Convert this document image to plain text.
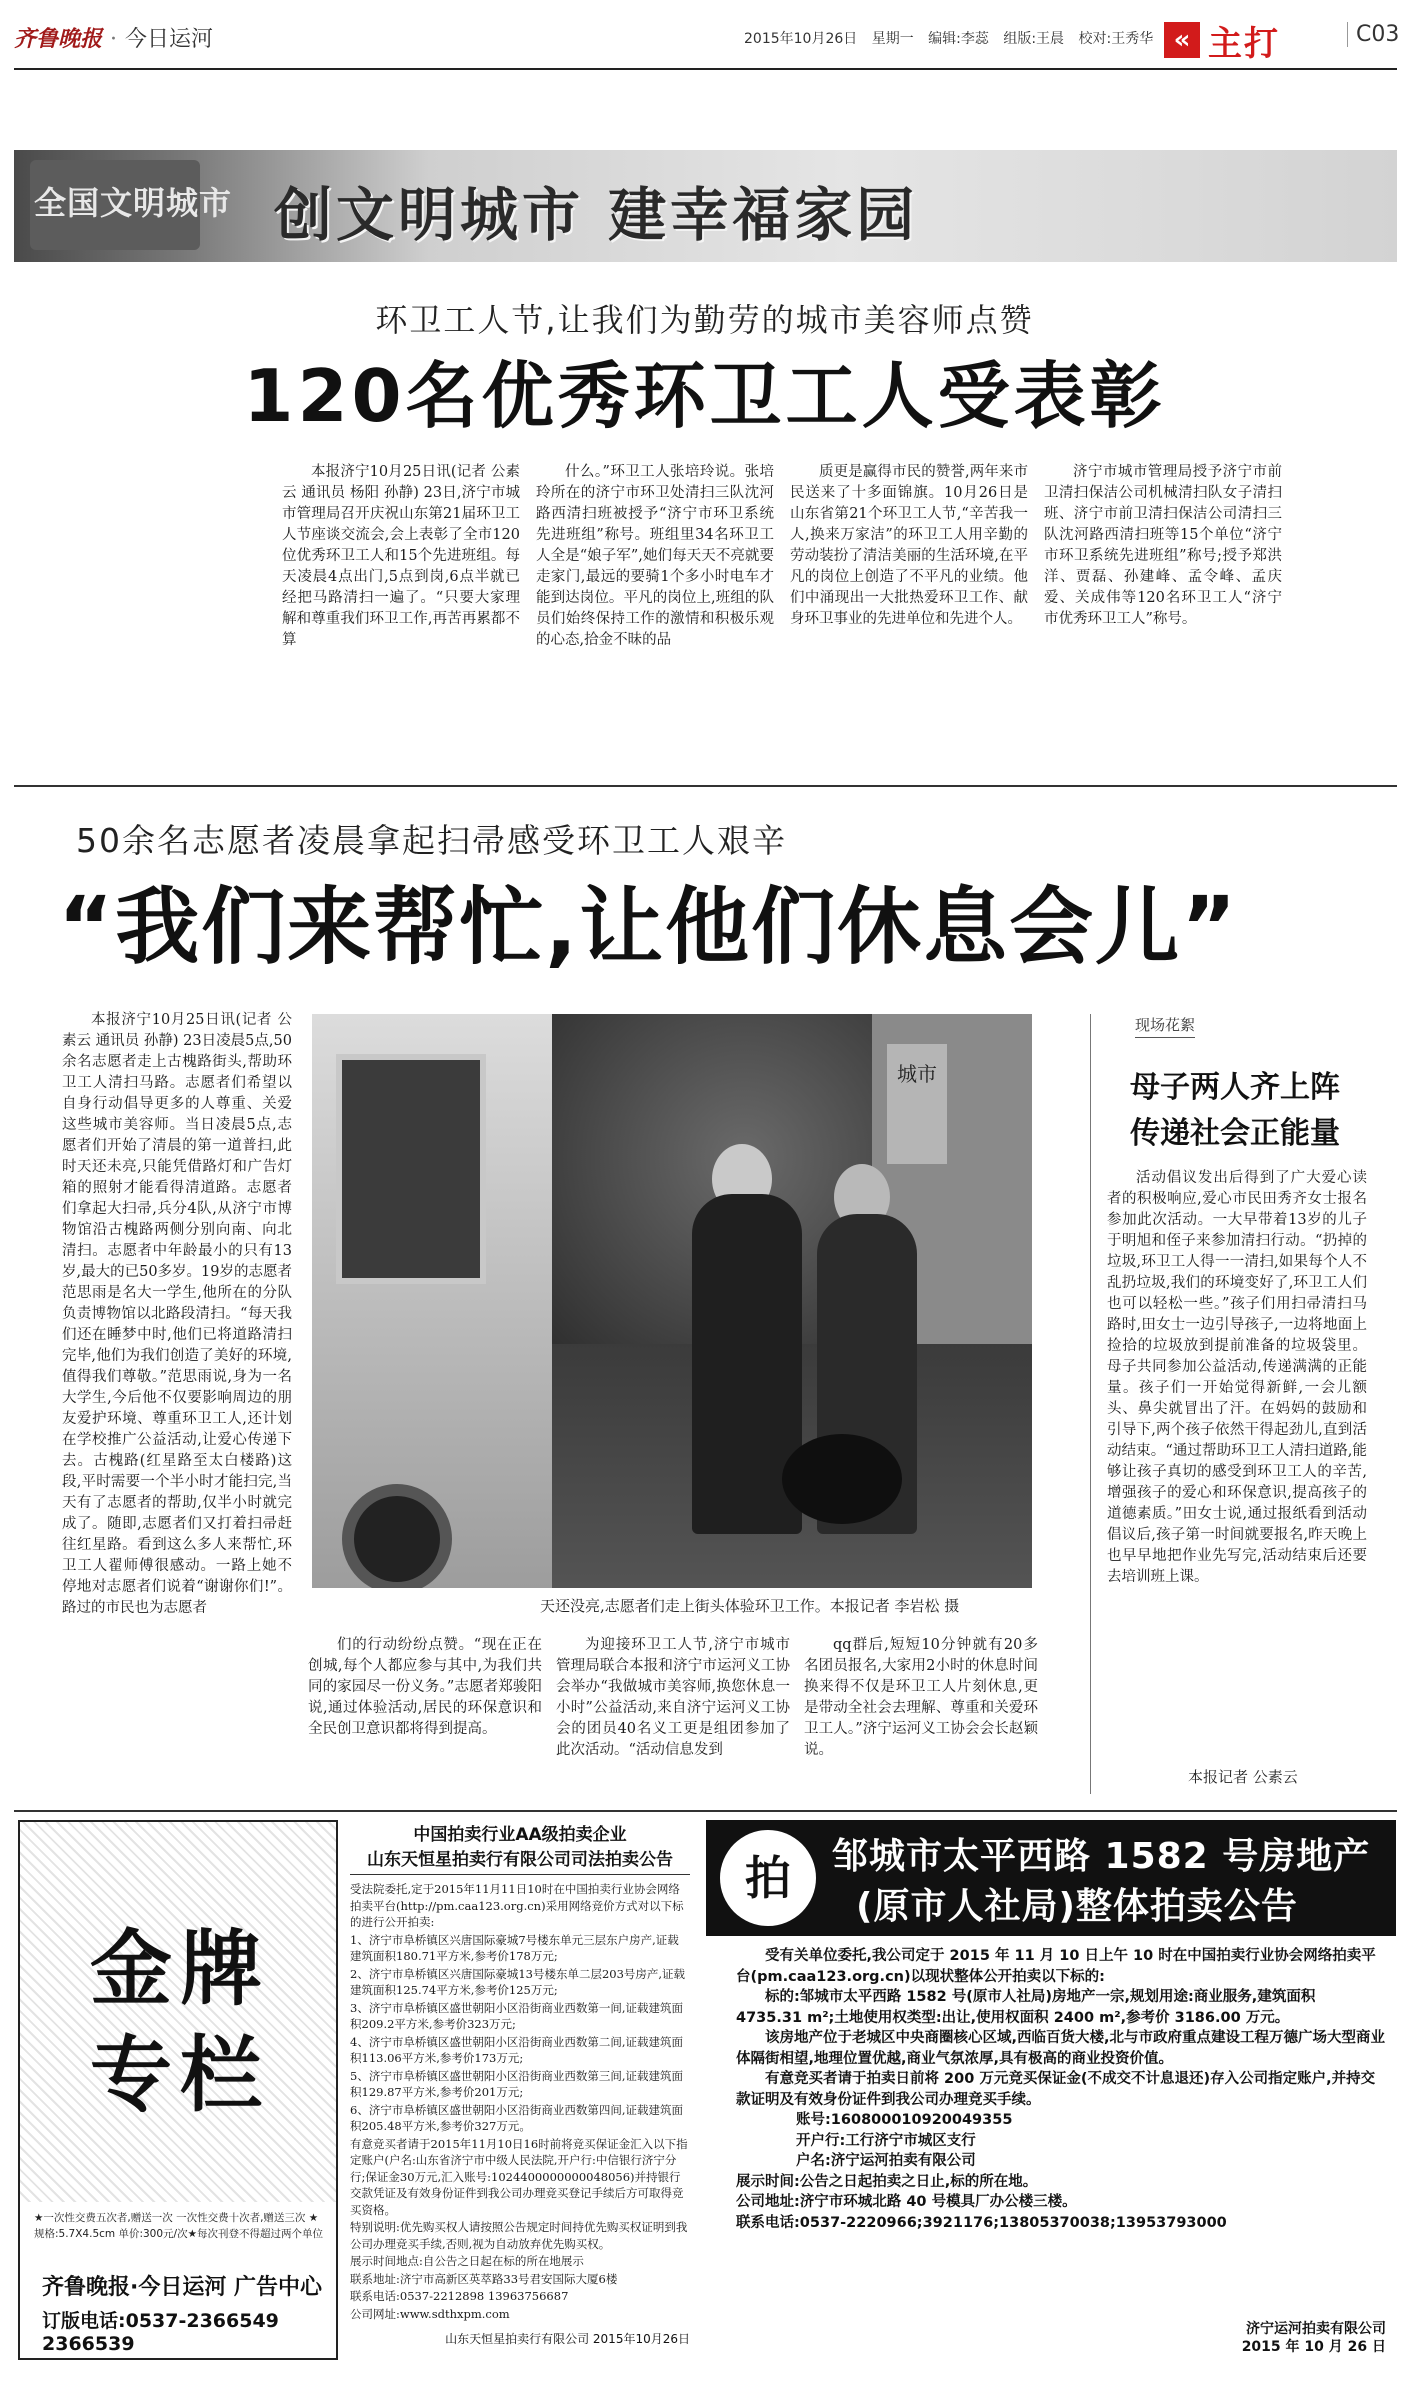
齐鲁晚报 · 今日运河	2015年10月26日 星期一 编辑:李蕊 组版:王晨 校对:王秀华 « 主打	C03
全国文明城市 创文明城市 建幸福家园
环卫工人节,让我们为勤劳的城市美容师点赞
120名优秀环卫工人受表彰

本报济宁10月25日讯(记者 公素云 通讯员 杨阳 孙静) 23日,济宁市城市管理局召开庆祝山东第21届环卫工人节座谈交流会,会上表彰了全市120位优秀环卫工人和15个先进班组。每天凌晨4点出门,5点到岗,6点半就已经把马路清扫一遍了。“只要大家理解和尊重我们环卫工作,再苦再累都不算

什么。”环卫工人张培玲说。张培玲所在的济宁市环卫处清扫三队沈河路西清扫班被授予“济宁市环卫系统先进班组”称号。班组里34名环卫工人全是“娘子军”,她们每天天不亮就要走家门,最远的要骑1个多小时电车才能到达岗位。平凡的岗位上,班组的队员们始终保持工作的激情和积极乐观的心态,拾金不昧的品

质更是赢得市民的赞誉,两年来市民送来了十多面锦旗。10月26日是山东省第21个环卫工人节,“辛苦我一人,换来万家洁”的环卫工人用辛勤的劳动装扮了清洁美丽的生活环境,在平凡的岗位上创造了不平凡的业绩。他们中涌现出一大批热爱环卫工作、献身环卫事业的先进单位和先进个人。

济宁市城市管理局授予济宁市前卫清扫保洁公司机械清扫队女子清扫班、济宁市前卫清扫保洁公司清扫三队沈河路西清扫班等15个单位“济宁市环卫系统先进班组”称号;授予郑洪洋、贾磊、孙建峰、孟令峰、孟庆爱、关成伟等120名环卫工人“济宁市优秀环卫工人”称号。

50余名志愿者凌晨拿起扫帚感受环卫工人艰辛
“我们来帮忙,让他们休息会儿”

本报济宁10月25日讯(记者 公素云 通讯员 孙静) 23日凌晨5点,50余名志愿者走上古槐路街头,帮助环卫工人清扫马路。志愿者们希望以自身行动倡导更多的人尊重、关爱这些城市美容师。当日凌晨5点,志愿者们开始了清晨的第一道普扫,此时天还未亮,只能凭借路灯和广告灯箱的照射才能看得清道路。志愿者们拿起大扫帚,兵分4队,从济宁市博物馆沿古槐路两侧分别向南、向北清扫。志愿者中年龄最小的只有13岁,最大的已50多岁。19岁的志愿者范思雨是名大一学生,他所在的分队负责博物馆以北路段清扫。“每天我们还在睡梦中时,他们已将道路清扫完毕,他们为我们创造了美好的环境,值得我们尊敬。”范思雨说,身为一名大学生,今后他不仅要影响周边的朋友爱护环境、尊重环卫工人,还计划在学校推广公益活动,让爱心传递下去。古槐路(红星路至太白楼路)这段,平时需要一个半小时才能扫完,当天有了志愿者的帮助,仅半小时就完成了。随即,志愿者们又打着扫帚赶往红星路。看到这么多人来帮忙,环卫工人翟师傅很感动。一路上她不停地对志愿者们说着“谢谢你们!”。路过的市民也为志愿者

城市
天还没亮,志愿者们走上街头体验环卫工作。本报记者 李岩松 摄

们的行动纷纷点赞。“现在正在创城,每个人都应参与其中,为我们共同的家园尽一份义务。”志愿者郑骏阳说,通过体验活动,居民的环保意识和全民创卫意识都将得到提高。

为迎接环卫工人节,济宁市城市管理局联合本报和济宁市运河义工协会举办“我做城市美容师,换您休息一小时”公益活动,来自济宁运河义工协会的团员40名义工更是组团参加了此次活动。“活动信息发到

qq群后,短短10分钟就有20多名团员报名,大家用2小时的休息时间换来得不仅是环卫工人片刻休息,更是带动全社会去理解、尊重和关爱环卫工人。”济宁运河义工协会会长赵颖说。

现场花絮
母子两人齐上阵
传递社会正能量

活动倡议发出后得到了广大爱心读者的积极响应,爱心市民田秀齐女士报名参加此次活动。一大早带着13岁的儿子于明旭和侄子来参加清扫行动。“扔掉的垃圾,环卫工人得一一清扫,如果每个人不乱扔垃圾,我们的环境变好了,环卫工人们也可以轻松一些。”孩子们用扫帚清扫马路时,田女士一边引导孩子,一边将地面上捡拾的垃圾放到提前准备的垃圾袋里。母子共同参加公益活动,传递满满的正能量。孩子们一开始觉得新鲜,一会儿额头、鼻尖就冒出了汗。在妈妈的鼓励和引导下,两个孩子依然干得起劲儿,直到活动结束。“通过帮助环卫工人清扫道路,能够让孩子真切的感受到环卫工人的辛苦,增强孩子的爱心和环保意识,提高孩子的道德素质。”田女士说,通过报纸看到活动倡议后,孩子第一时间就要报名,昨天晚上也早早地把作业先写完,活动结束后还要去培训班上课。

本报记者 公素云
金牌
专栏
★一次性交费五次者,赠送一次 一次性交费十次者,赠送三次 ★规格:5.7X4.5cm 单价:300元/次★每次刊登不得超过两个单位
齐鲁晚报·今日运河 广告中心
订版电话:0537-2366549 2366539
中国拍卖行业AA级拍卖企业
山东天恒星拍卖行有限公司司法拍卖公告
受法院委托,定于2015年11月11日10时在中国拍卖行业协会网络拍卖平台(http://pm.caa123.org.cn)采用网络竞价方式对以下标的进行公开拍卖:
1、济宁市阜桥镇区兴唐国际豪城7号楼东单元三层东户房产,证载建筑面积180.71平方米,参考价178万元;
2、济宁市阜桥镇区兴唐国际豪城13号楼东单二层203号房产,证载建筑面积125.74平方米,参考价125万元;
3、济宁市阜桥镇区盛世朝阳小区沿街商业西数第一间,证载建筑面积209.2平方米,参考价323万元;
4、济宁市阜桥镇区盛世朝阳小区沿街商业西数第二间,证载建筑面积113.06平方米,参考价173万元;
5、济宁市阜桥镇区盛世朝阳小区沿街商业西数第三间,证载建筑面积129.87平方米,参考价201万元;
6、济宁市阜桥镇区盛世朝阳小区沿街商业西数第四间,证载建筑面积205.48平方米,参考价327万元。
有意竞买者请于2015年11月10日16时前将竞买保证金汇入以下指定账户(户名:山东省济宁市中级人民法院,开户行:中信银行济宁分行;保证金30万元,汇入账号:1024400000000048056)并持银行交款凭证及有效身份证件到我公司办理竞买登记手续后方可取得竞买资格。
特别说明:优先购买权人请按照公告规定时间持优先购买权证明到我公司办理竞买手续,否则,视为自动放弃优先购买权。
展示时间地点:自公告之日起在标的所在地展示
联系地址:济宁市高新区英萃路33号君安国际大厦6楼
联系电话:0537-2212898 13963756687
公司网址:www.sdthxpm.com
山东天恒星拍卖行有限公司 2015年10月26日
拍	邹城市太平西路 1582 号房地产
(原市人社局)整体拍卖公告

受有关单位委托,我公司定于 2015 年 11 月 10 日上午 10 时在中国拍卖行业协会网络拍卖平台(pm.caa123.org.cn)以现状整体公开拍卖以下标的:

标的:邹城市太平西路 1582 号(原市人社局)房地产一宗,规划用途:商业服务,建筑面积 4735.31 m²;土地使用权类型:出让,使用权面积 2400 m²,参考价 3186.00 万元。

该房地产位于老城区中央商圈核心区域,西临百货大楼,北与市政府重点建设工程万德广场大型商业体隔街相望,地理位置优越,商业气氛浓厚,具有极高的商业投资价值。

有意竞买者请于拍卖日前将 200 万元竞买保证金(不成交不计息退还)存入公司指定账户,并持交款证明及有效身份证件到我公司办理竞买手续。

账号:160800010920049355
开户行:工行济宁市城区支行
户名:济宁运河拍卖有限公司
展示时间:公告之日起拍卖之日止,标的所在地。
公司地址:济宁市环城北路 40 号模具厂办公楼三楼。
联系电话:0537-2220966;3921176;13805370038;13953793000
济宁运河拍卖有限公司
2015 年 10 月 26 日
